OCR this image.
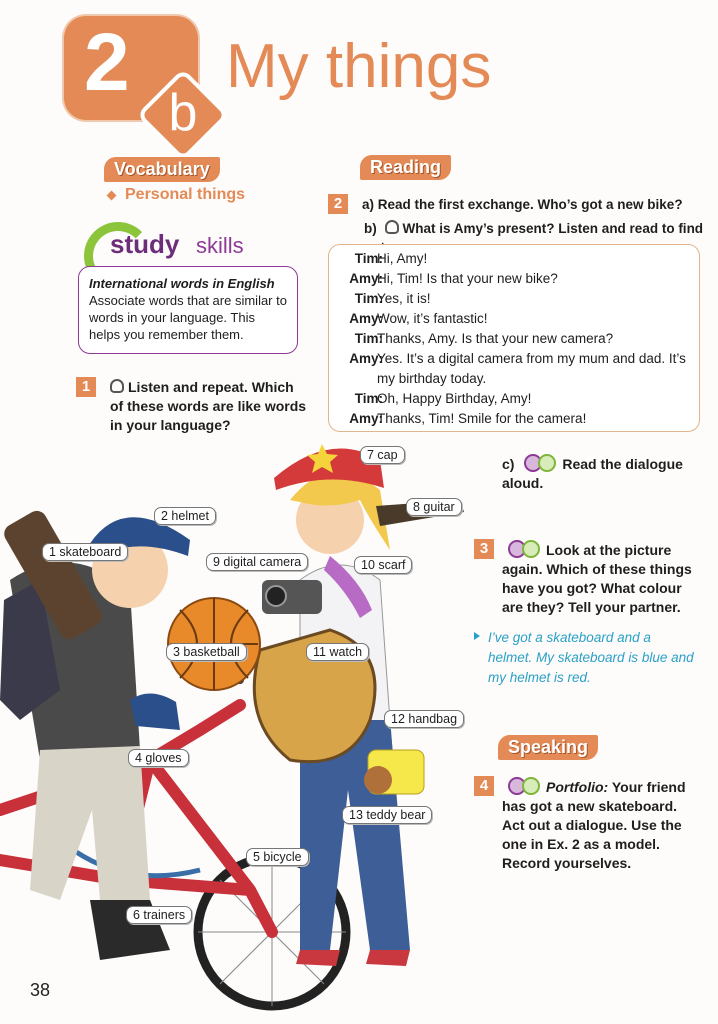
2
b
My things
Vocabulary
Personal things
study skills
International words in English
Associate words that are similar to words in your language. This helps you remember them.
1	Listen and repeat. Which of these words are like words in your language?
Reading
2	a) Read the first exchange. Who’s got a new bike?
b) What is Amy’s present? Listen and read to find
Tim:
Hi, Amy!
Amy:
Hi, Tim! Is that your new bike?
Tim:
Yes, it is!
Amy:
Wow, it’s fantastic!
Tim:
Thanks, Amy. Is that your new camera?
Amy:
Yes. It’s a digital camera from my mum and dad. It’s my birthday today.
Tim:
Oh, Happy Birthday, Amy!
Amy:
Thanks, Tim! Smile for the camera!
c)	Read the dialogue aloud.
3	Look at the picture again. Which of these things have you got? What colour are they? Tell your partner.
I’ve got a skateboard and a helmet. My skateboard is blue and my helmet is red.
Speaking
4	Portfolio: Your friend has got a new skateboard. Act out a dialogue. Use the one in Ex. 2 as a model. Record yourselves.
7 cap
2 helmet
8 guitar
1 skateboard
9 digital camera	10 scarf
3 basketball	11 watch
12 handbag
4 gloves
13 teddy bear
5 bicycle
6 trainers
38
